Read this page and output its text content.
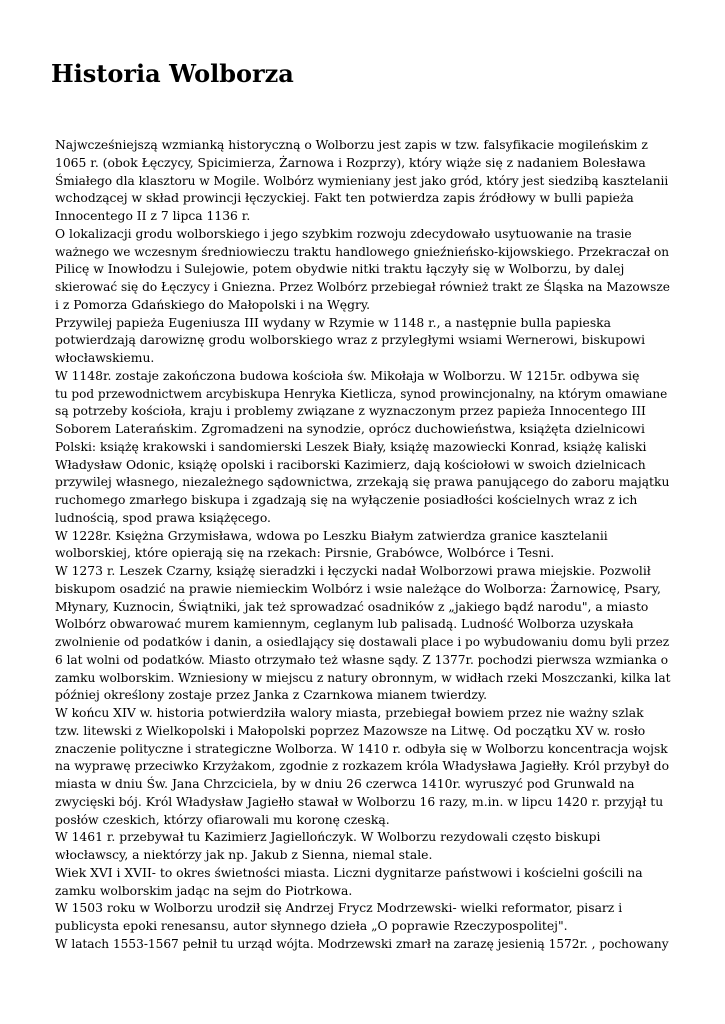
Historia Wolborza
Najwcześniejszą wzmianką historyczną o Wolborzu jest zapis w tzw. falsyfikacie mogileńskim z
1065 r. (obok Łęczycy, Spicimierza, Żarnowa i Rozprzy), który wiąże się z nadaniem Bolesława
Śmiałego dla klasztoru w Mogile. Wolbórz wymieniany jest jako gród, który jest siedzibą kasztelanii
wchodzącej w skład prowincji łęczyckiej. Fakt ten potwierdza zapis źródłowy w bulli papieża
Innocentego II z 7 lipca 1136 r.
O lokalizacji grodu wolborskiego i jego szybkim rozwoju zdecydowało usytuowanie na trasie
ważnego we wczesnym średniowieczu traktu handlowego gnieźnieńsko-kijowskiego. Przekraczał on
Pilicę w Inowłodzu i Sulejowie, potem obydwie nitki traktu łączyły się w Wolborzu, by dalej
skierować się do Łęczycy i Gniezna. Przez Wolbórz przebiegał również trakt ze Śląska na Mazowsze
i z Pomorza Gdańskiego do Małopolski i na Węgry.
Przywilej papieża Eugeniusza III wydany w Rzymie w 1148 r., a następnie bulla papieska
potwierdzają darowiznę grodu wolborskiego wraz z przyległymi wsiami Wernerowi, biskupowi
włocławskiemu.
W 1148r. zostaje zakończona budowa kościoła św. Mikołaja w Wolborzu. W 1215r. odbywa się
tu pod przewodnictwem arcybiskupa Henryka Kietlicza, synod prowincjonalny, na którym omawiane
są potrzeby kościoła, kraju i problemy związane z wyznaczonym przez papieża Innocentego III
Soborem Laterańskim. Zgromadzeni na synodzie, oprócz duchowieństwa, książęta dzielnicowi
Polski: książę krakowski i sandomierski Leszek Biały, książę mazowiecki Konrad, książę kaliski
Władysław Odonic, książę opolski i raciborski Kazimierz, dają kościołowi w swoich dzielnicach
przywilej własnego, niezależnego sądownictwa, zrzekają się prawa panującego do zaboru majątku
ruchomego zmarłego biskupa i zgadzają się na wyłączenie posiadłości kościelnych wraz z ich
ludnością, spod prawa książęcego.
W 1228r. Księżna Grzymisława, wdowa po Leszku Białym zatwierdza granice kasztelanii
wolborskiej, które opierają się na rzekach: Pirsnie, Grabówce, Wolbórce i Tesni.
W 1273 r. Leszek Czarny, książę sieradzki i łęczycki nadał Wolborzowi prawa miejskie. Pozwolił
biskupom osadzić na prawie niemieckim Wolbórz i wsie należące do Wolborza: Żarnowicę, Psary,
Młynary, Kuznocin, Świątniki, jak też sprowadzać osadników z „jakiego bądź narodu", a miasto
Wolbórz obwarować murem kamiennym, ceglanym lub palisadą. Ludność Wolborza uzyskała
zwolnienie od podatków i danin, a osiedlający się dostawali place i po wybudowaniu domu byli przez
6 lat wolni od podatków. Miasto otrzymało też własne sądy. Z 1377r. pochodzi pierwsza wzmianka o
zamku wolborskim. Wzniesiony w miejscu z natury obronnym, w widłach rzeki Moszczanki, kilka lat
później określony zostaje przez Janka z Czarnkowa mianem twierdzy.
W końcu XIV w. historia potwierdziła walory miasta, przebiegał bowiem przez nie ważny szlak
tzw. litewski z Wielkopolski i Małopolski poprzez Mazowsze na Litwę. Od początku XV w. rosło
znaczenie polityczne i strategiczne Wolborza. W 1410 r. odbyła się w Wolborzu koncentracja wojsk
na wyprawę przeciwko Krzyżakom, zgodnie z rozkazem króla Władysława Jagiełły. Król przybył do
miasta w dniu Św. Jana Chrzciciela, by w dniu 26 czerwca 1410r. wyruszyć pod Grunwald na
zwycięski bój. Król Władysław Jagiełło stawał w Wolborzu 16 razy, m.in. w lipcu 1420 r. przyjął tu
posłów czeskich, którzy ofiarowali mu koronę czeską.
W 1461 r. przebywał tu Kazimierz Jagiellończyk. W Wolborzu rezydowali często biskupi
włocławscy, a niektórzy jak np. Jakub z Sienna, niemal stale.
Wiek XVI i XVII- to okres świetności miasta. Liczni dygnitarze państwowi i kościelni gościli na
zamku wolborskim jadąc na sejm do Piotrkowa.
W 1503 roku w Wolborzu urodził się Andrzej Frycz Modrzewski- wielki reformator, pisarz i
publicysta epoki renesansu, autor słynnego dzieła „O poprawie Rzeczypospolitej".
W latach 1553-1567 pełnił tu urząd wójta. Modrzewski zmarł na zarazę jesienią 1572r. , pochowany
